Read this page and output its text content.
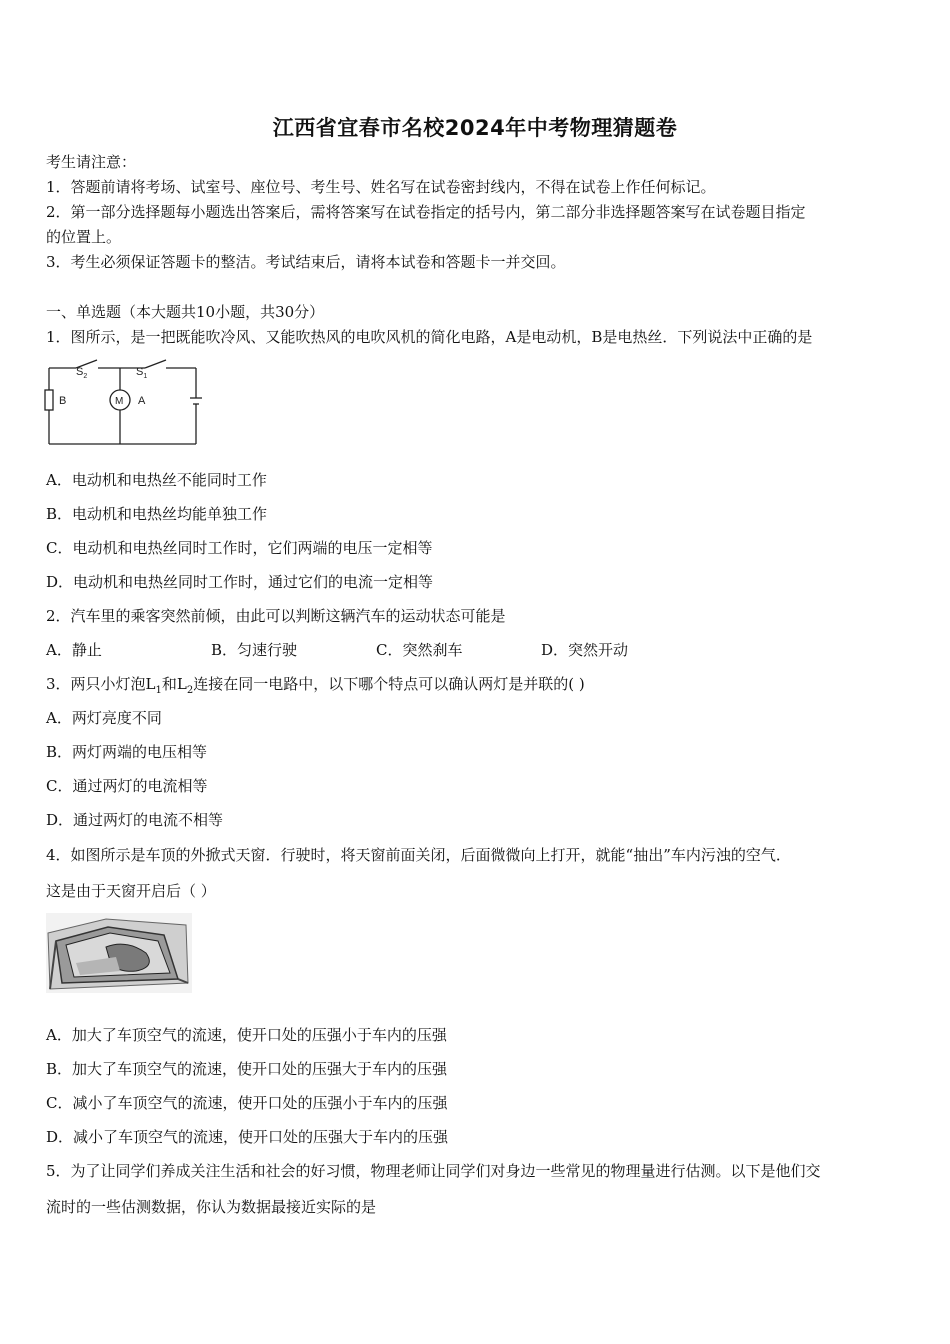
江西省宜春市名校2024年中考物理猜题卷
考生请注意：
1．答题前请将考场、试室号、座位号、考生号、姓名写在试卷密封线内，不得在试卷上作任何标记。
2．第一部分选择题每小题选出答案后，需将答案写在试卷指定的括号内，第二部分非选择题答案写在试卷题目指定
的位置上。
3．考生必须保证答题卡的整洁。考试结束后，请将本试卷和答题卡一并交回。
一、单选题（本大题共10小题，共30分）
1．图所示，是一把既能吹冷风、又能吹热风的电吹风机的简化电路，A是电动机，B是电热丝．下列说法中正确的是
$S_2$	$S_1$
B	M A
A．电动机和电热丝不能同时工作
B．电动机和电热丝均能单独工作
C．电动机和电热丝同时工作时，它们两端的电压一定相等
D．电动机和电热丝同时工作时，通过它们的电流一定相等
2．汽车里的乘客突然前倾，由此可以判断这辆汽车的运动状态可能是
A．静止	B．匀速行驶	C．突然刹车	D．突然开动
3．两只小灯泡$L_1$和$L_2$连接在同一电路中，以下哪个特点可以确认两灯是并联的( )
A．两灯亮度不同
B．两灯两端的电压相等
C．通过两灯的电流相等
D．通过两灯的电流不相等
4．如图所示是车顶的外掀式天窗．行驶时，将天窗前面关闭，后面微微向上打开，就能“抽出”车内污浊的空气．
这是由于天窗开启后（ ）
A．加大了车顶空气的流速，使开口处的压强小于车内的压强
B．加大了车顶空气的流速，使开口处的压强大于车内的压强
C．减小了车顶空气的流速，使开口处的压强小于车内的压强
D．减小了车顶空气的流速，使开口处的压强大于车内的压强
5．为了让同学们养成关注生活和社会的好习惯，物理老师让同学们对身边一些常见的物理量进行估测。以下是他们交
流时的一些估测数据，你认为数据最接近实际的是
